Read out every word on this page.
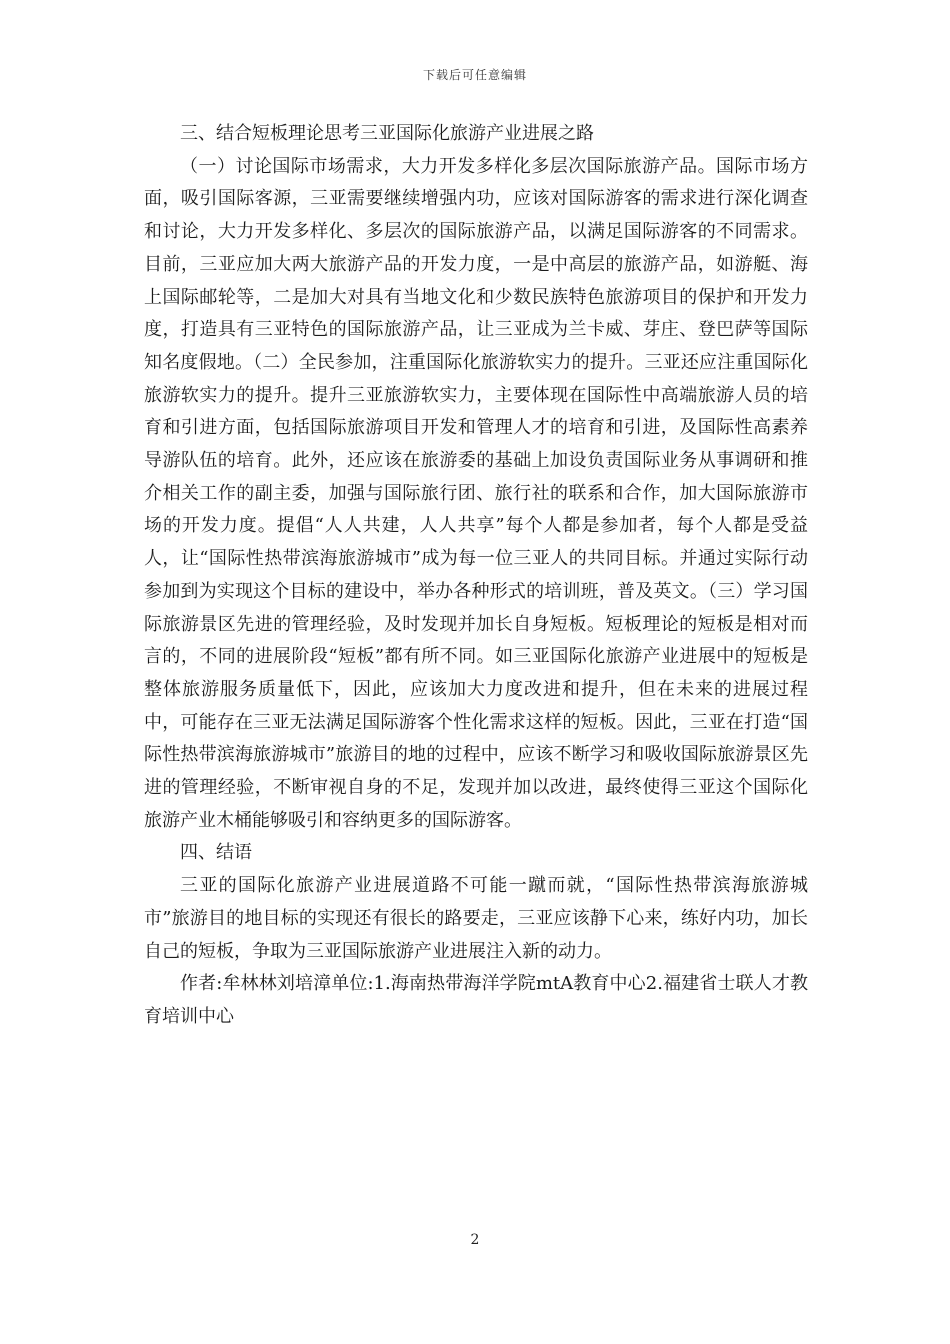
下载后可任意编辑

三、结合短板理论思考三亚国际化旅游产业进展之路

（一）讨论国际市场需求，大力开发多样化多层次国际旅游产品。国际市场方面，吸引国际客源，三亚需要继续增强内功，应该对国际游客的需求进行深化调查和讨论，大力开发多样化、多层次的国际旅游产品，以满足国际游客的不同需求。目前，三亚应加大两大旅游产品的开发力度，一是中高层的旅游产品，如游艇、海上国际邮轮等，二是加大对具有当地文化和少数民族特色旅游项目的保护和开发力度，打造具有三亚特色的国际旅游产品，让三亚成为兰卡威、芽庄、登巴萨等国际知名度假地。（二）全民参加，注重国际化旅游软实力的提升。三亚还应注重国际化旅游软实力的提升。提升三亚旅游软实力，主要体现在国际性中高端旅游人员的培育和引进方面，包括国际旅游项目开发和管理人才的培育和引进，及国际性高素养导游队伍的培育。此外，还应该在旅游委的基础上加设负责国际业务从事调研和推介相关工作的副主委，加强与国际旅行团、旅行社的联系和合作，加大国际旅游市场的开发力度。提倡“人人共建，人人共享”每个人都是参加者，每个人都是受益人，让“国际性热带滨海旅游城市”成为每一位三亚人的共同目标。并通过实际行动参加到为实现这个目标的建设中，举办各种形式的培训班，普及英文。（三）学习国际旅游景区先进的管理经验，及时发现并加长自身短板。短板理论的短板是相对而言的，不同的进展阶段“短板”都有所不同。如三亚国际化旅游产业进展中的短板是整体旅游服务质量低下，因此，应该加大力度改进和提升，但在未来的进展过程中，可能存在三亚无法满足国际游客个性化需求这样的短板。因此，三亚在打造“国际性热带滨海旅游城市”旅游目的地的过程中，应该不断学习和吸收国际旅游景区先进的管理经验，不断审视自身的不足，发现并加以改进，最终使得三亚这个国际化旅游产业木桶能够吸引和容纳更多的国际游客。

四、结语

三亚的国际化旅游产业进展道路不可能一蹴而就，“国际性热带滨海旅游城市”旅游目的地目标的实现还有很长的路要走，三亚应该静下心来，练好内功，加长自己的短板，争取为三亚国际旅游产业进展注入新的动力。

作者:牟林林刘培漳单位:1.海南热带海洋学院mtA教育中心2.福建省士联人才教育培训中心

2
